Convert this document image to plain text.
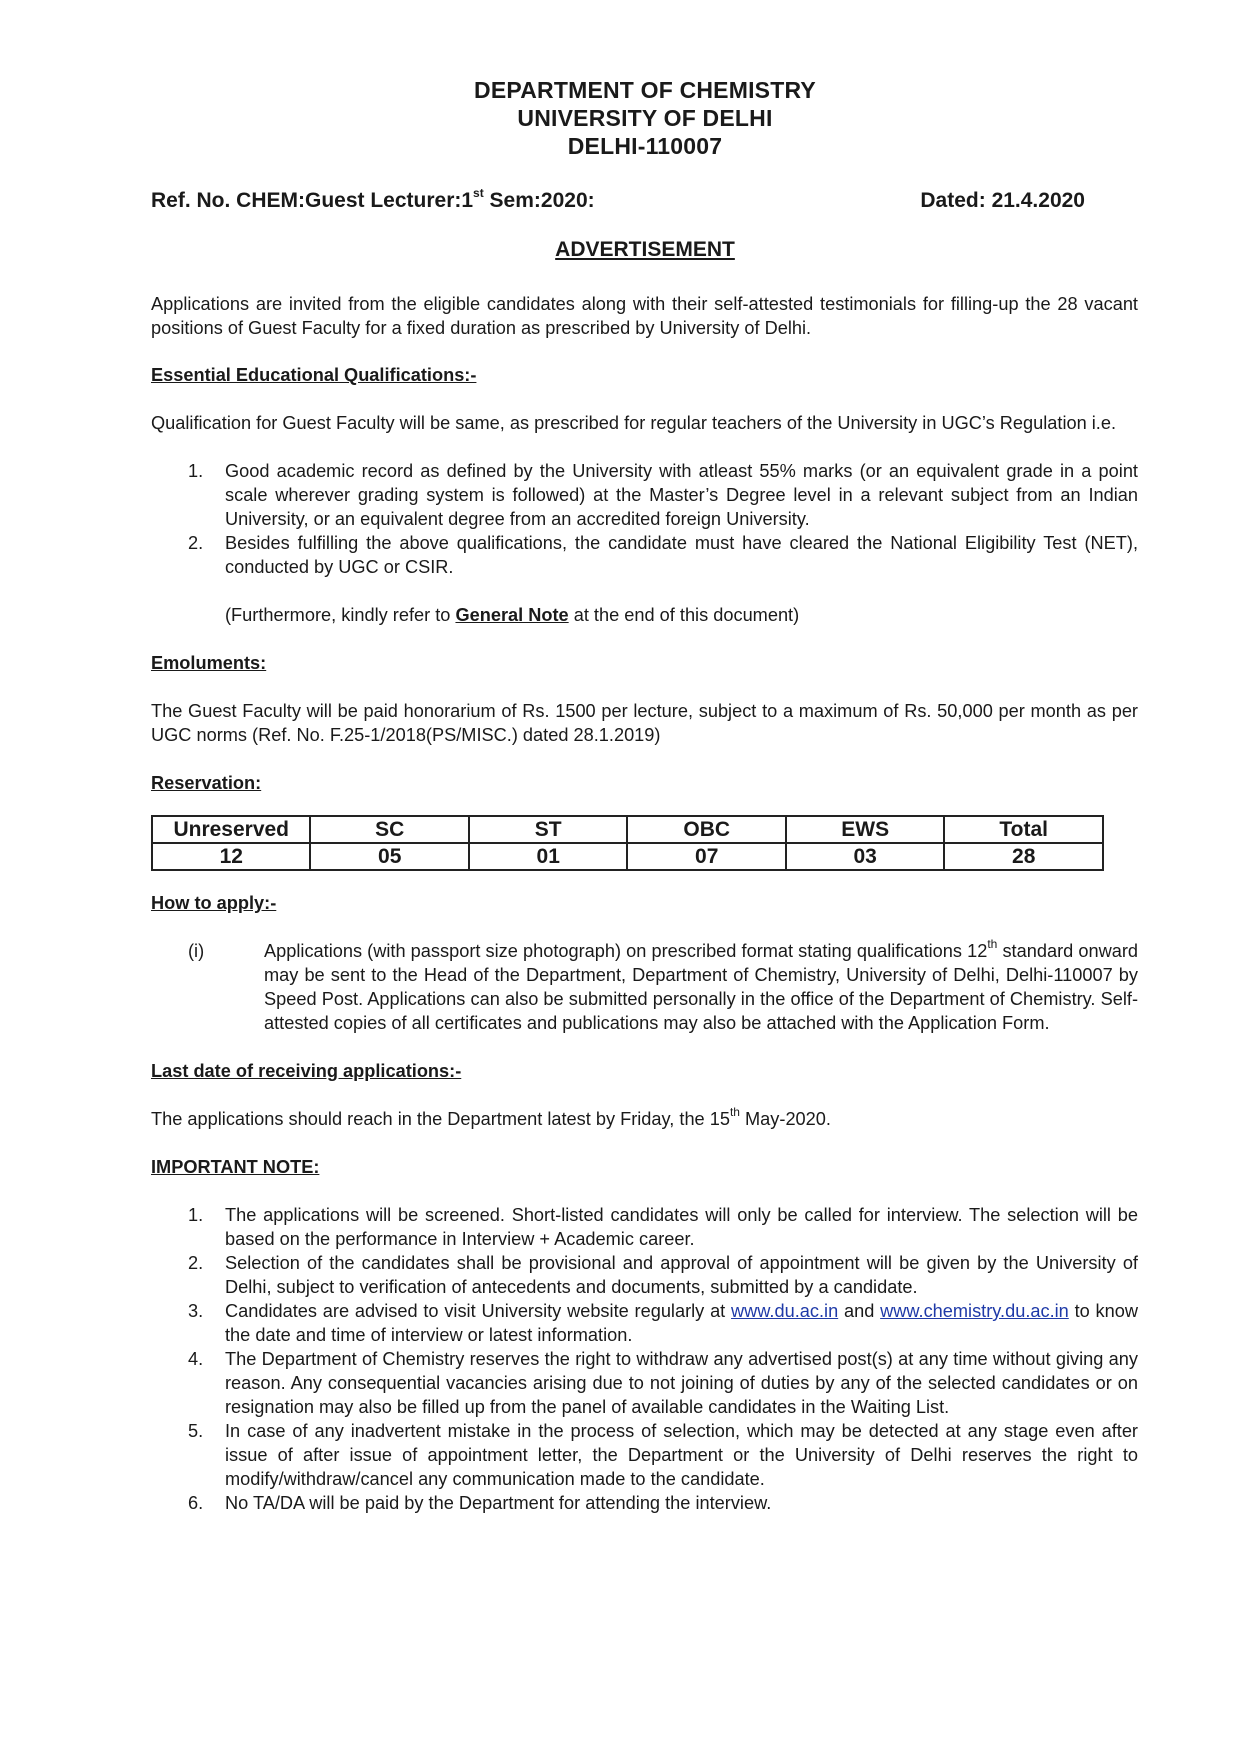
DEPARTMENT OF CHEMISTRY
UNIVERSITY OF DELHI
DELHI-110007
Ref. No. CHEM:Guest Lecturer:1st Sem:2020:	Dated: 21.4.2020
ADVERTISEMENT

Applications are invited from the eligible candidates along with their self-attested testimonials for filling-up the 28 vacant positions of Guest Faculty for a fixed duration as prescribed by University of Delhi.

Essential Educational Qualifications:-

Qualification for Guest Faculty will be same, as prescribed for regular teachers of the University in UGC’s Regulation i.e.

1. Good academic record as defined by the University with atleast 55% marks (or an equivalent grade in a point scale wherever grading system is followed) at the Master’s Degree level in a relevant subject from an Indian University, or an equivalent degree from an accredited foreign University.
2. Besides fulfilling the above qualifications, the candidate must have cleared the National Eligibility Test (NET), conducted by UGC or CSIR.

(Furthermore, kindly refer to General Note at the end of this document)

Emoluments:

The Guest Faculty will be paid honorarium of Rs. 1500 per lecture, subject to a maximum of Rs. 50,000 per month as per UGC norms (Ref. No. F.25-1/2018(PS/MISC.) dated 28.1.2019)

Reservation:

Unreserved	SC	ST	OBC	EWS	Total
12	05	01	07	03	28

How to apply:-

(i)	Applications (with passport size photograph) on prescribed format stating qualifications 12th standard onward may be sent to the Head of the Department, Department of Chemistry, University of Delhi, Delhi-110007 by Speed Post. Applications can also be submitted personally in the office of the Department of Chemistry. Self-attested copies of all certificates and publications may also be attached with the Application Form.

Last date of receiving applications:-

The applications should reach in the Department latest by Friday, the 15th May-2020.

IMPORTANT NOTE:

1. The applications will be screened. Short-listed candidates will only be called for interview. The selection will be based on the performance in Interview + Academic career.
2. Selection of the candidates shall be provisional and approval of appointment will be given by the University of Delhi, subject to verification of antecedents and documents, submitted by a candidate.
3. Candidates are advised to visit University website regularly at www.du.ac.in and www.chemistry.du.ac.in to know the date and time of interview or latest information.
4. The Department of Chemistry reserves the right to withdraw any advertised post(s) at any time without giving any reason. Any consequential vacancies arising due to not joining of duties by any of the selected candidates or on resignation may also be filled up from the panel of available candidates in the Waiting List.
5. In case of any inadvertent mistake in the process of selection, which may be detected at any stage even after issue of after issue of appointment letter, the Department or the University of Delhi reserves the right to modify/withdraw/cancel any communication made to the candidate.
6. No TA/DA will be paid by the Department for attending the interview.
